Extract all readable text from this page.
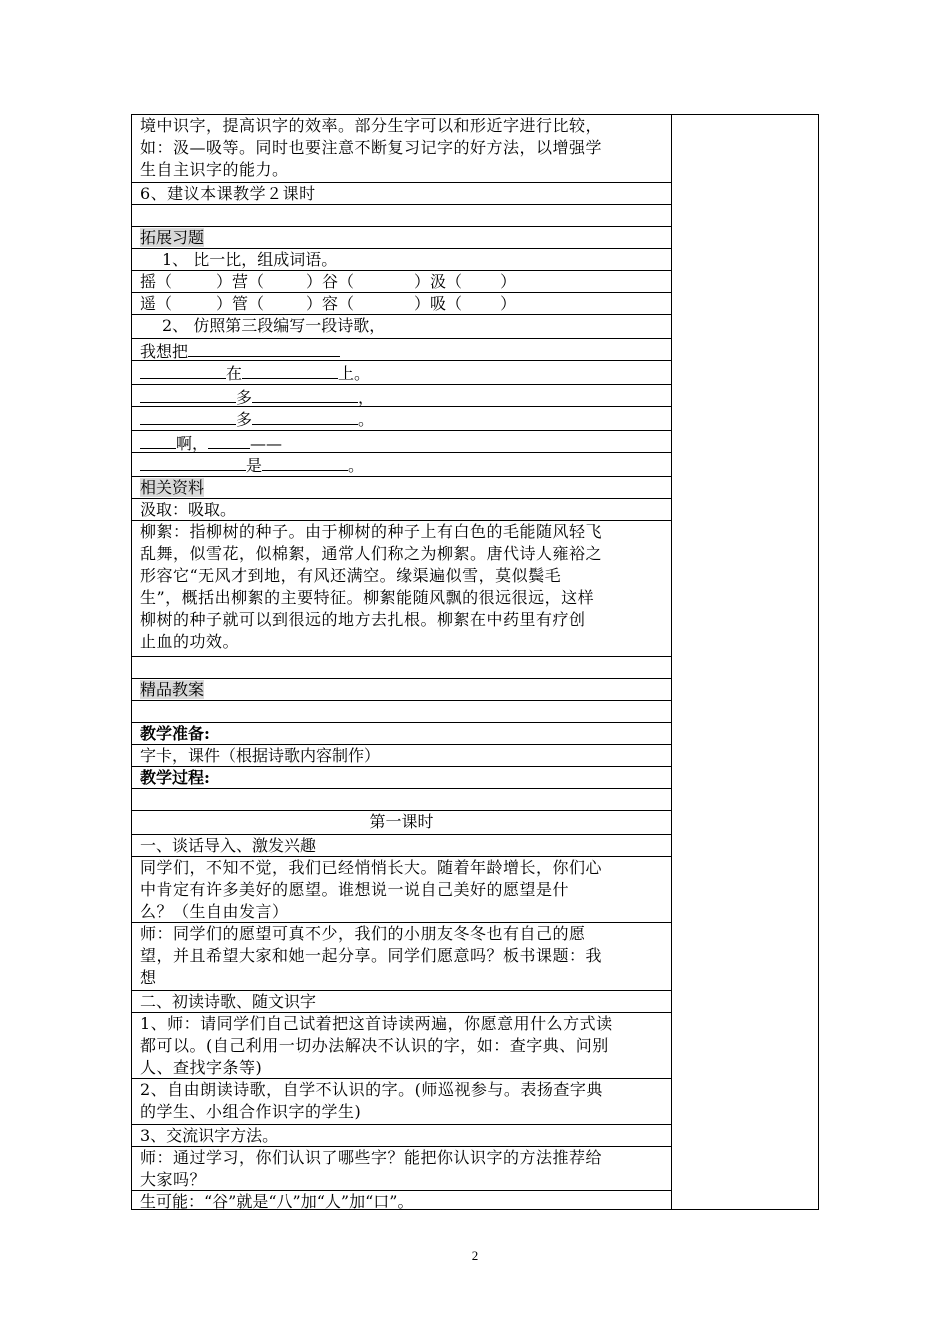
境中识字，提高识字的效率。部分生字可以和形近字进行比较，
如：汲—吸等。同时也要注意不断复习记字的好方法，以增强学
生自主识字的能力。
6、建议本课教学２课时
拓展习题
1、 比一比，组成词语。
摇（	）营（	）谷（	）汲（ ）
遥（	）管（	）容（	）吸（ ）
2、 仿照第三段编写一段诗歌，
我想把
在	上。
多	，
多	。
啊，	——
是	。
相关资料
汲取：吸取。
柳絮：指柳树的种子。由于柳树的种子上有白色的毛能随风轻飞
乱舞，似雪花，似棉絮，通常人们称之为柳絮。唐代诗人雍裕之
形容它“无风才到地，有风还满空。缘渠遍似雪，莫似鬓毛
生”，概括出柳絮的主要特征。柳絮能随风飘的很远很远，这样
柳树的种子就可以到很远的地方去扎根。柳絮在中药里有疗创
止血的功效。
精品教案
教学准备:
字卡，课件（根据诗歌内容制作）
教学过程:
第一课时
一、谈话导入、激发兴趣
同学们，不知不觉，我们已经悄悄长大。随着年龄增长，你们心
中肯定有许多美好的愿望。谁想说一说自己美好的愿望是什
么？（生自由发言）
师：同学们的愿望可真不少，我们的小朋友冬冬也有自己的愿
望，并且希望大家和她一起分享。同学们愿意吗？板书课题：我
想
二、初读诗歌、随文识字
1、师：请同学们自己试着把这首诗读两遍，你愿意用什么方式读
都可以。(自己利用一切办法解决不认识的字，如：查字典、问别
人、查找字条等)
2、自由朗读诗歌，自学不认识的字。(师巡视参与。表扬查字典
的学生、小组合作识字的学生)
3、交流识字方法。
师：通过学习，你们认识了哪些字？能把你认识字的方法推荐给
大家吗？
生可能：“谷”就是“八”加“人”加“口”。
2
